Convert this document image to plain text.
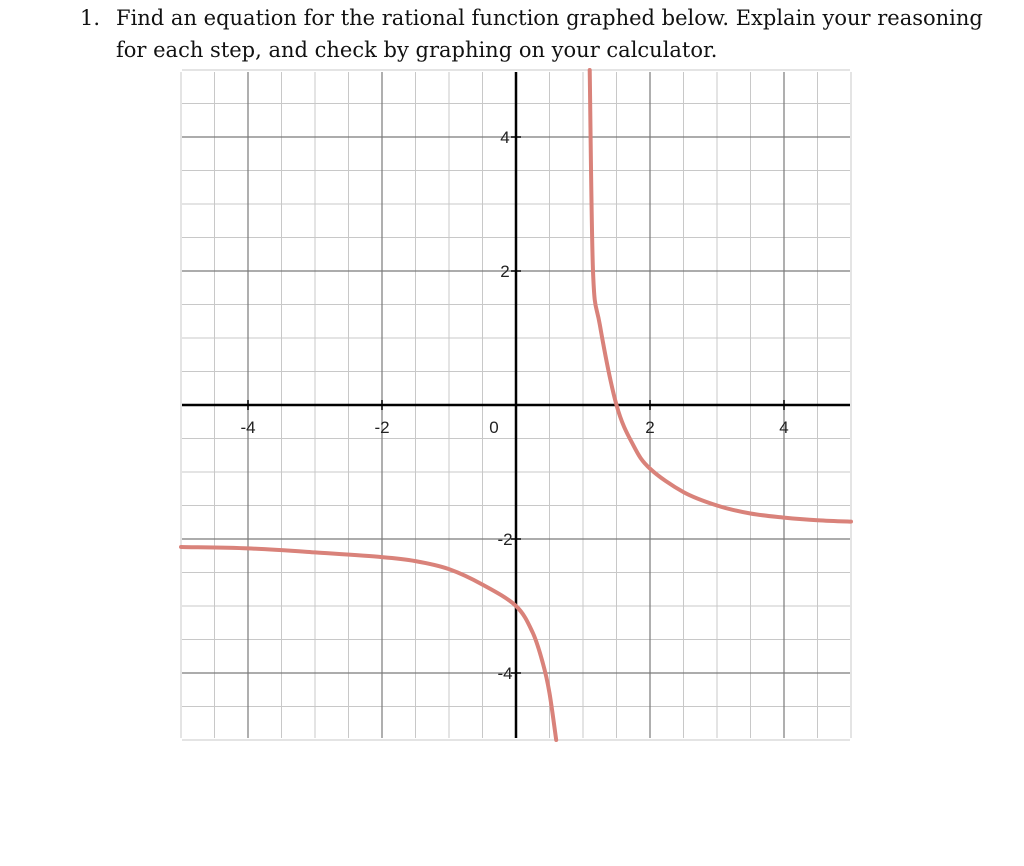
1. Find an equation for the rational function graphed below. Explain your reasoning
for each step, and check by graphing on your calculator.
-4	-2	0	2	4
4
2
-2
-4
